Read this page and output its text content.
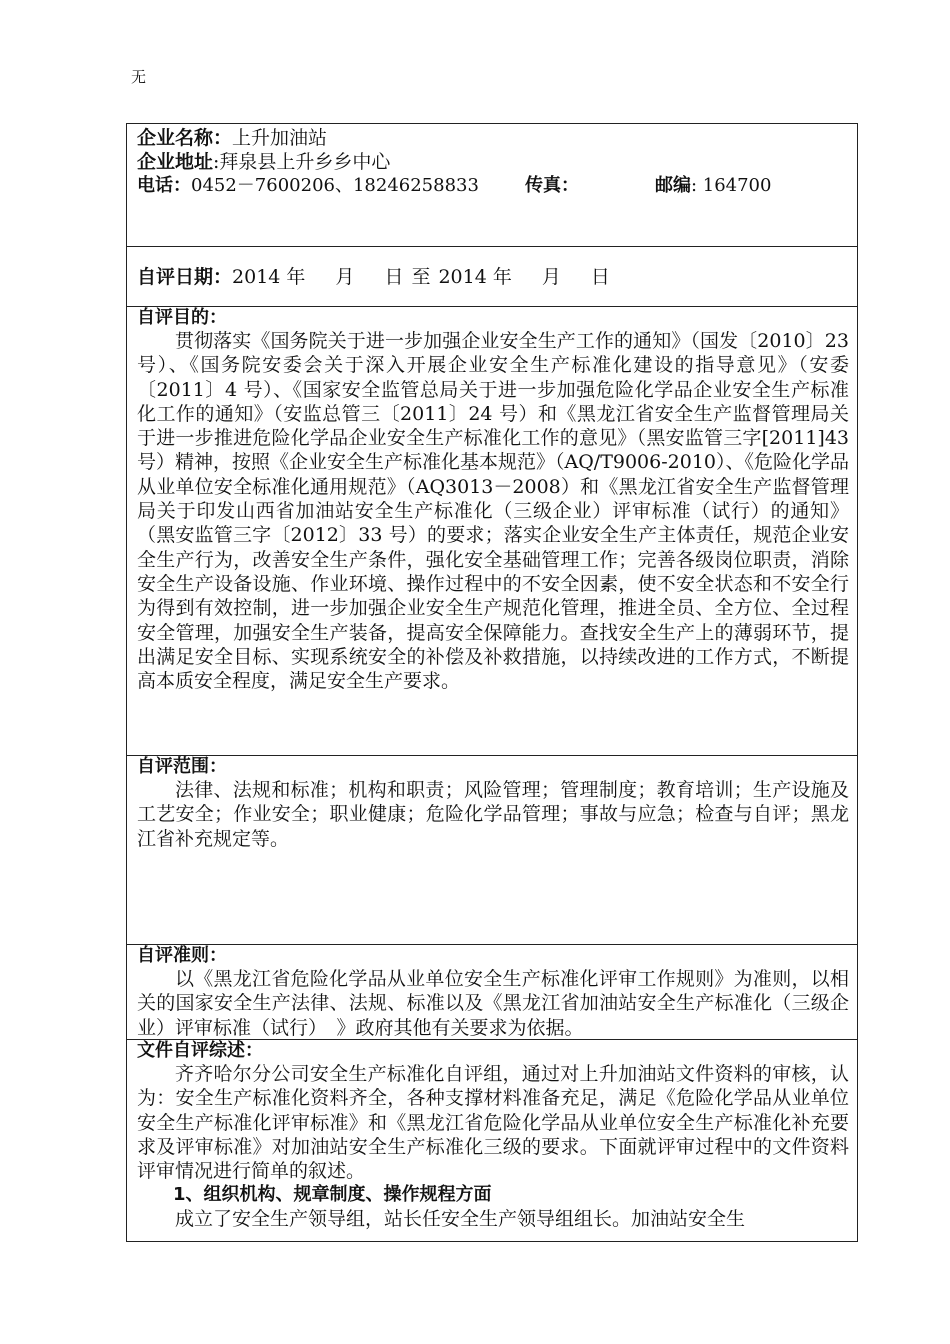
无
企业名称：上升加油站
企业地址:拜泉县上升乡乡中心
电话：0452－7600206、18246258833	传真：	邮编: 164700
自评日期：2014 年 月 日 至 2014 年 月 日

自评目的：

贯彻落实《国务院关于进一步加强企业安全生产工作的通知》（国发〔2010〕23 号）、《国务院安委会关于深入开展企业安全生产标准化建设的指导意见》（安委〔2011〕4 号）、《国家安全监管总局关于进一步加强危险化学品企业安全生产标准化工作的通知》（安监总管三〔2011〕24 号）和《黑龙江省安全生产监督管理局关于进一步推进危险化学品企业安全生产标准化工作的意见》（黑安监管三字[2011]43 号）精神，按照《企业安全生产标准化基本规范》（AQ/T9006-2010）、《危险化学品从业单位安全标准化通用规范》（AQ3013－2008）和《黑龙江省安全生产监督管理局关于印发山西省加油站安全生产标准化（三级企业）评审标准（试行）的通知》（黑安监管三字〔2012〕33 号）的要求；落实企业安全生产主体责任，规范企业安全生产行为，改善安全生产条件，强化安全基础管理工作；完善各级岗位职责，消除安全生产设备设施、作业环境、操作过程中的不安全因素，使不安全状态和不安全行为得到有效控制，进一步加强企业安全生产规范化管理，推进全员、全方位、全过程安全管理，加强安全生产装备，提高安全保障能力。查找安全生产上的薄弱环节，提出满足安全目标、实现系统安全的补偿及补救措施，以持续改进的工作方式，不断提高本质安全程度，满足安全生产要求。

自评范围：

法律、法规和标准；机构和职责；风险管理；管理制度；教育培训；生产设施及工艺安全；作业安全；职业健康；危险化学品管理；事故与应急；检查与自评；黑龙江省补充规定等。

自评准则：

以《黑龙江省危险化学品从业单位安全生产标准化评审工作规则》为准则，以相关的国家安全生产法律、法规、标准以及《黑龙江省加油站安全生产标准化（三级企业）评审标准（试行）　》政府其他有关要求为依据。

文件自评综述：

齐齐哈尔分公司安全生产标准化自评组，通过对上升加油站文件资料的审核，认为：安全生产标准化资料齐全，各种支撑材料准备充足，满足《危险化学品从业单位安全生产标准化评审标准》和《黑龙江省危险化学品从业单位安全生产标准化补充要求及评审标准》对加油站安全生产标准化三级的要求。下面就评审过程中的文件资料评审情况进行简单的叙述。

1、组织机构、规章制度、操作规程方面

成立了安全生产领导组，站长任安全生产领导组组长。加油站安全生
